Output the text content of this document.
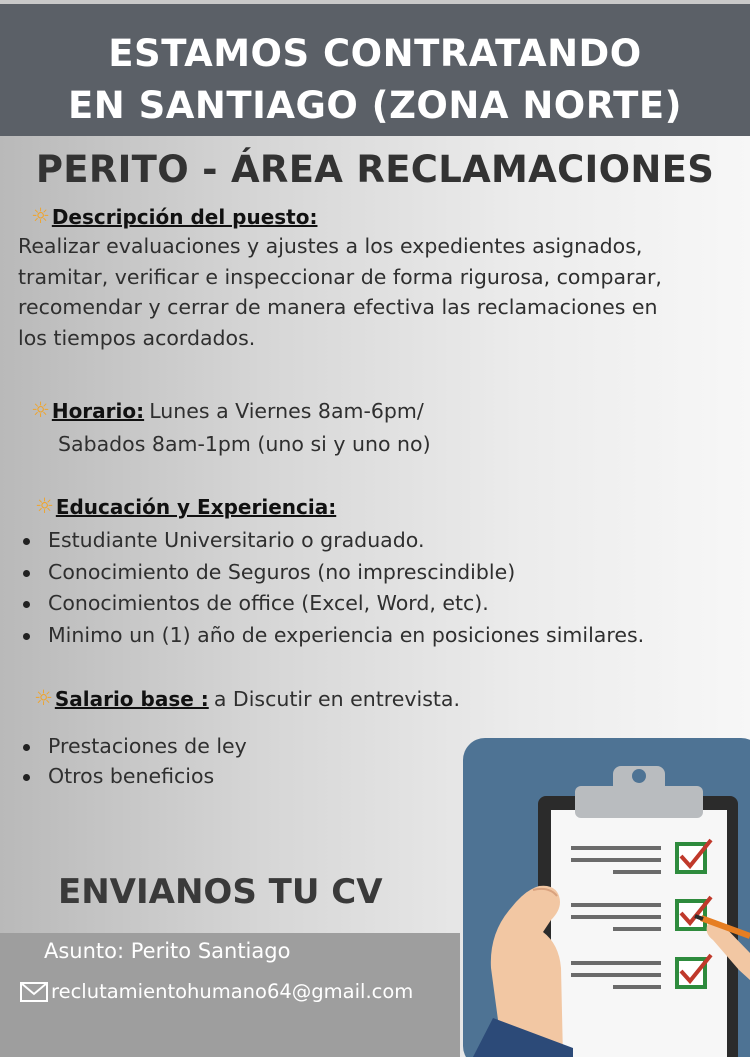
ESTAMOS CONTRATANDO
EN SANTIAGO (ZONA NORTE)
PERITO - ÁREA RECLAMACIONES
☼ Descripción del puesto:
Realizar evaluaciones y ajustes a los expedientes asignados,
tramitar, verificar e inspeccionar de forma rigurosa, comparar,
recomendar y cerrar de manera efectiva las reclamaciones en
los tiempos acordados.
☼ Horario: Lunes a Viernes 8am-6pm/
Sabados 8am-1pm (uno si y uno no)
☼ Educación y Experiencia:
Estudiante Universitario o graduado.
Conocimiento de Seguros (no imprescindible)
Conocimientos de office (Excel, Word, etc).
Minimo un (1) año de experiencia en posiciones similares.
☼ Salario base : a Discutir en entrevista.
Prestaciones de ley
Otros beneficios
ENVIANOS TU CV
Asunto: Perito Santiago
reclutamientohumano64@gmail.com
